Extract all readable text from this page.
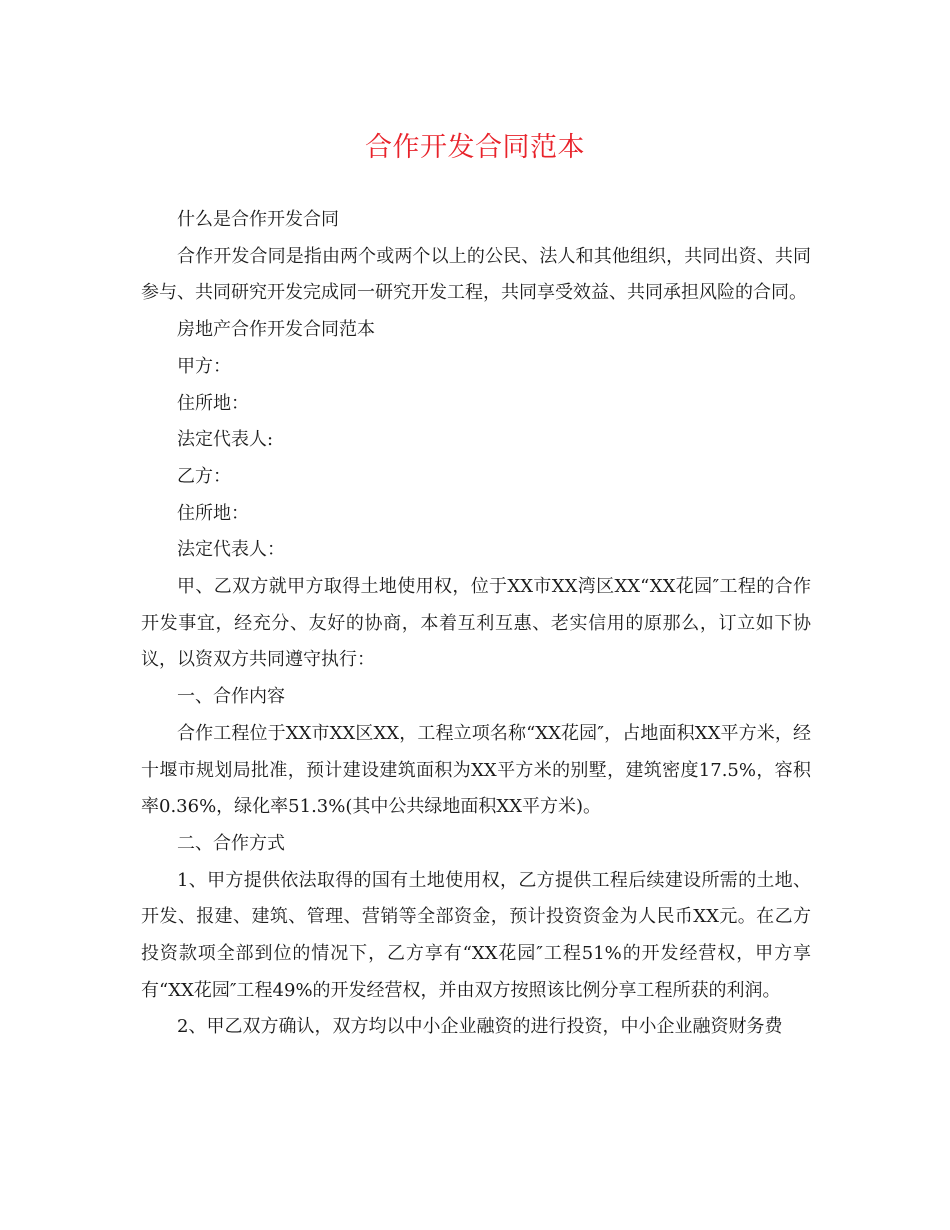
合作开发合同范本

什么是合作开发合同

合作开发合同是指由两个或两个以上的公民、法人和其他组织，共同出资、共同参与、共同研究开发完成同一研究开发工程，共同享受效益、共同承担风险的合同。

房地产合作开发合同范本

甲方：

住所地：

法定代表人:

乙方：

住所地：

法定代表人：

甲、乙双方就甲方取得土地使用权，位于XX市XX湾区XX“XX花园″工程的合作开发事宜，经充分、友好的协商，本着互利互惠、老实信用的原那么，订立如下协议，以资双方共同遵守执行：

一、合作内容

合作工程位于XX市XX区XX，工程立项名称“XX花园″，占地面积XX平方米，经十堰市规划局批准，预计建设建筑面积为XX平方米的别墅，建筑密度17.5%，容积率0.36%，绿化率51.3%(其中公共绿地面积XX平方米)。

二、合作方式

1、甲方提供依法取得的国有土地使用权，乙方提供工程后续建设所需的土地、开发、报建、建筑、管理、营销等全部资金，预计投资资金为人民币XX元。在乙方投资款项全部到位的情况下，乙方享有“XX花园″工程51%的开发经营权，甲方享有“XX花园″工程49%的开发经营权，并由双方按照该比例分享工程所获的利润。

2、甲乙双方确认，双方均以中小企业融资的进行投资，中小企业融资财务费
